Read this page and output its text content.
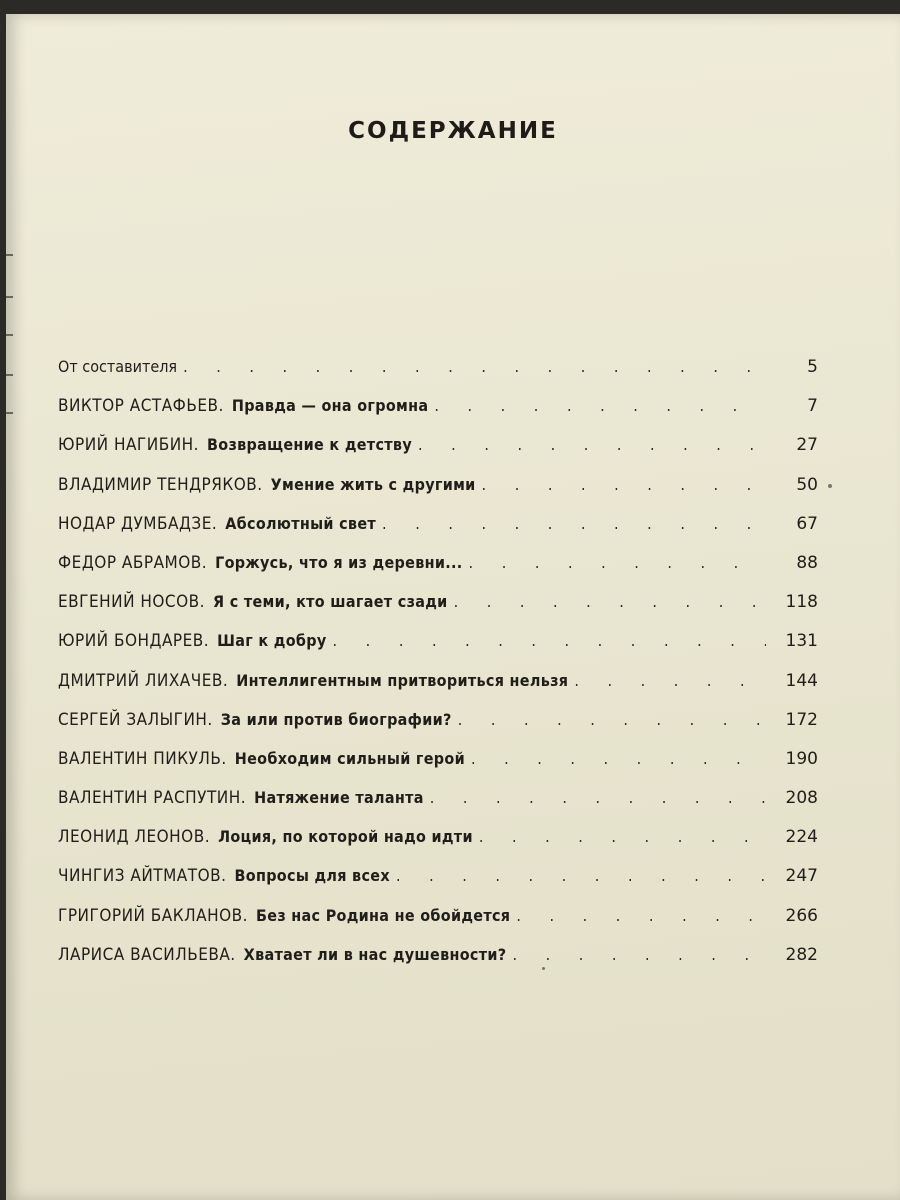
СОДЕРЖАНИЕ
От составителя . . .	5
ВИКТОР АСТАФЬЕВ. Правда — она огромна . . .	7
ЮРИЙ НАГИБИН. Возвращение к детству . . .	27
ВЛАДИМИР ТЕНДРЯКОВ. Умение жить с другими . . .	50
НОДАР ДУМБАДЗЕ. Абсолютный свет . . .	67
ФЕДОР АБРАМОВ. Горжусь, что я из деревни... . . .	88
ЕВГЕНИЙ НОСОВ. Я с теми, кто шагает сзади . . .	118
ЮРИЙ БОНДАРЕВ. Шаг к добру . . .	131
ДМИТРИЙ ЛИХАЧЕВ. Интеллигентным притвориться нельзя . . .	144
СЕРГЕЙ ЗАЛЫГИН. За или против биографии? . . .	172
ВАЛЕНТИН ПИКУЛЬ. Необходим сильный герой . . .	190
ВАЛЕНТИН РАСПУТИН. Натяжение таланта . . .	208
ЛЕОНИД ЛЕОНОВ. Лоция, по которой надо идти . . .	224
ЧИНГИЗ АЙТМАТОВ. Вопросы для всех . . .	247
ГРИГОРИЙ БАКЛАНОВ. Без нас Родина не обойдется . . .	266
ЛАРИСА ВАСИЛЬЕВА. Хватает ли в нас душевности? . . .	282
